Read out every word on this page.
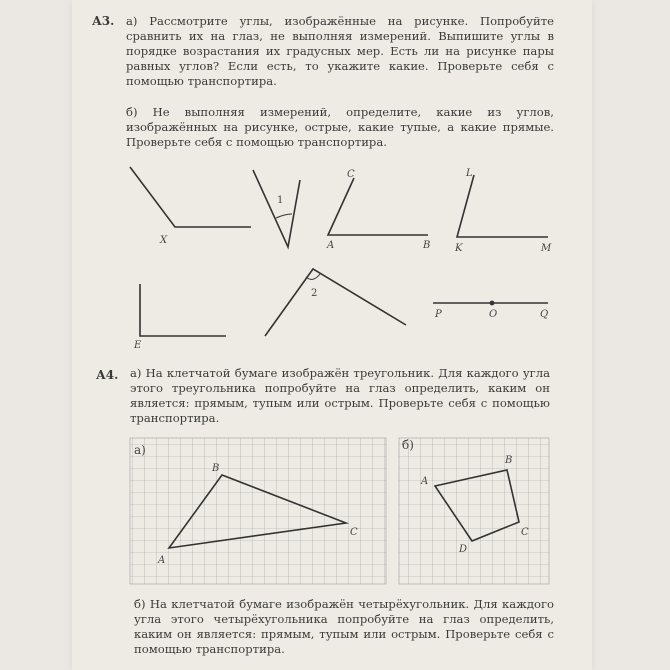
А3. а) Рассмотрите углы, изображённые на рисунке. Попробуйте сравнить их на глаз, не выполняя измерений. Выпишите углы в порядке возрастания их градусных мер. Есть ли на рисунке пары равных углов? Если есть, то укажите какие. Проверьте себя с помощью транспортира.

б) Не выполняя измерений, определите, какие из углов, изображённых на рисунке, острые, какие тупые, а какие прямые. Проверьте себя с помощью транспортира.

X
1
C
A	B
L
K	M
E
2
P	O	Q
А4. а) На клетчатой бумаге изображён треугольник. Для каждого угла этого треугольника попробуйте на глаз определить, каким он является: прямым, тупым или острым. Проверьте себя с помощью транспортира.

а)
A
B
C
б)
A
B
C
D

б) На клетчатой бумаге изображён четырёхугольник. Для каждого угла этого четырёхугольника попробуйте на глаз определить, каким он является: прямым, тупым или острым. Проверьте себя с помощью транспортира.
